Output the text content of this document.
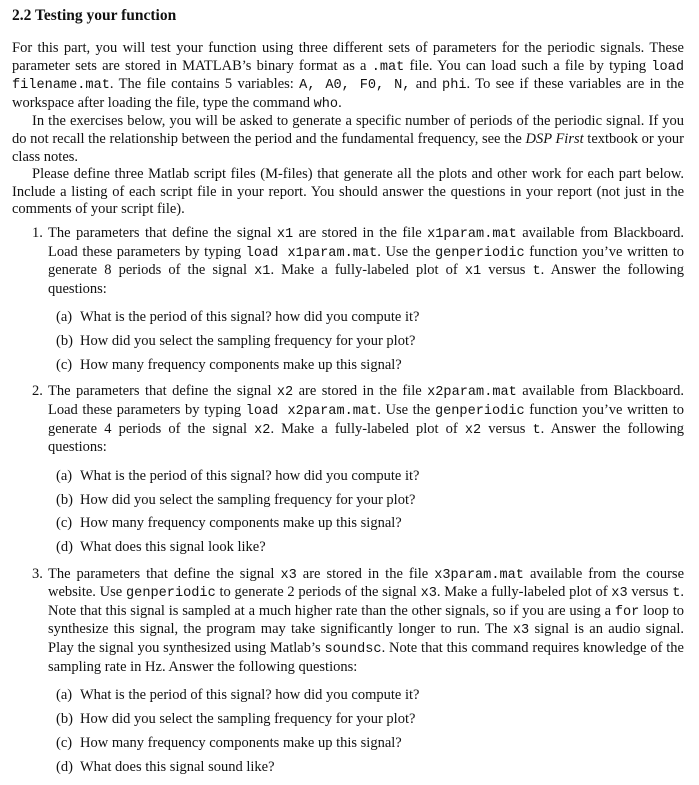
2.2 Testing your function

For this part, you will test your function using three different sets of parameters for the periodic signals. These parameter sets are stored in MATLAB’s binary format as a .mat file. You can load such a file by typing load filename.mat. The file contains 5 variables: A, A0, F0, N, and phi. To see if these variables are in the workspace after loading the file, type the command who.

In the exercises below, you will be asked to generate a specific number of periods of the periodic signal. If you do not recall the relationship between the period and the fundamental frequency, see the DSP First textbook or your class notes.

Please define three Matlab script files (M-files) that generate all the plots and other work for each part below. Include a listing of each script file in your report. You should answer the questions in your report (not just in the comments of your script file).

1. The parameters that define the signal x1 are stored in the file x1param.mat available from Blackboard. Load these parameters by typing load x1param.mat. Use the genperiodic function you’ve written to generate 8 periods of the signal x1. Make a fully-labeled plot of x1 versus t. Answer the following questions:
(a) What is the period of this signal? how did you compute it?
(b) How did you select the sampling frequency for your plot?
(c) How many frequency components make up this signal?
2. The parameters that define the signal x2 are stored in the file x2param.mat available from Blackboard. Load these parameters by typing load x2param.mat. Use the genperiodic function you’ve written to generate 4 periods of the signal x2. Make a fully-labeled plot of x2 versus t. Answer the following questions:
(a) What is the period of this signal? how did you compute it?
(b) How did you select the sampling frequency for your plot?
(c) How many frequency components make up this signal?
(d) What does this signal look like?
3. The parameters that define the signal x3 are stored in the file x3param.mat available from the course website. Use genperiodic to generate 2 periods of the signal x3. Make a fully-labeled plot of x3 versus t. Note that this signal is sampled at a much higher rate than the other signals, so if you are using a for loop to synthesize this signal, the program may take significantly longer to run. The x3 signal is an audio signal. Play the signal you synthesized using Matlab’s soundsc. Note that this command requires knowledge of the sampling rate in Hz. Answer the following questions:
(a) What is the period of this signal? how did you compute it?
(b) How did you select the sampling frequency for your plot?
(c) How many frequency components make up this signal?
(d) What does this signal sound like?
